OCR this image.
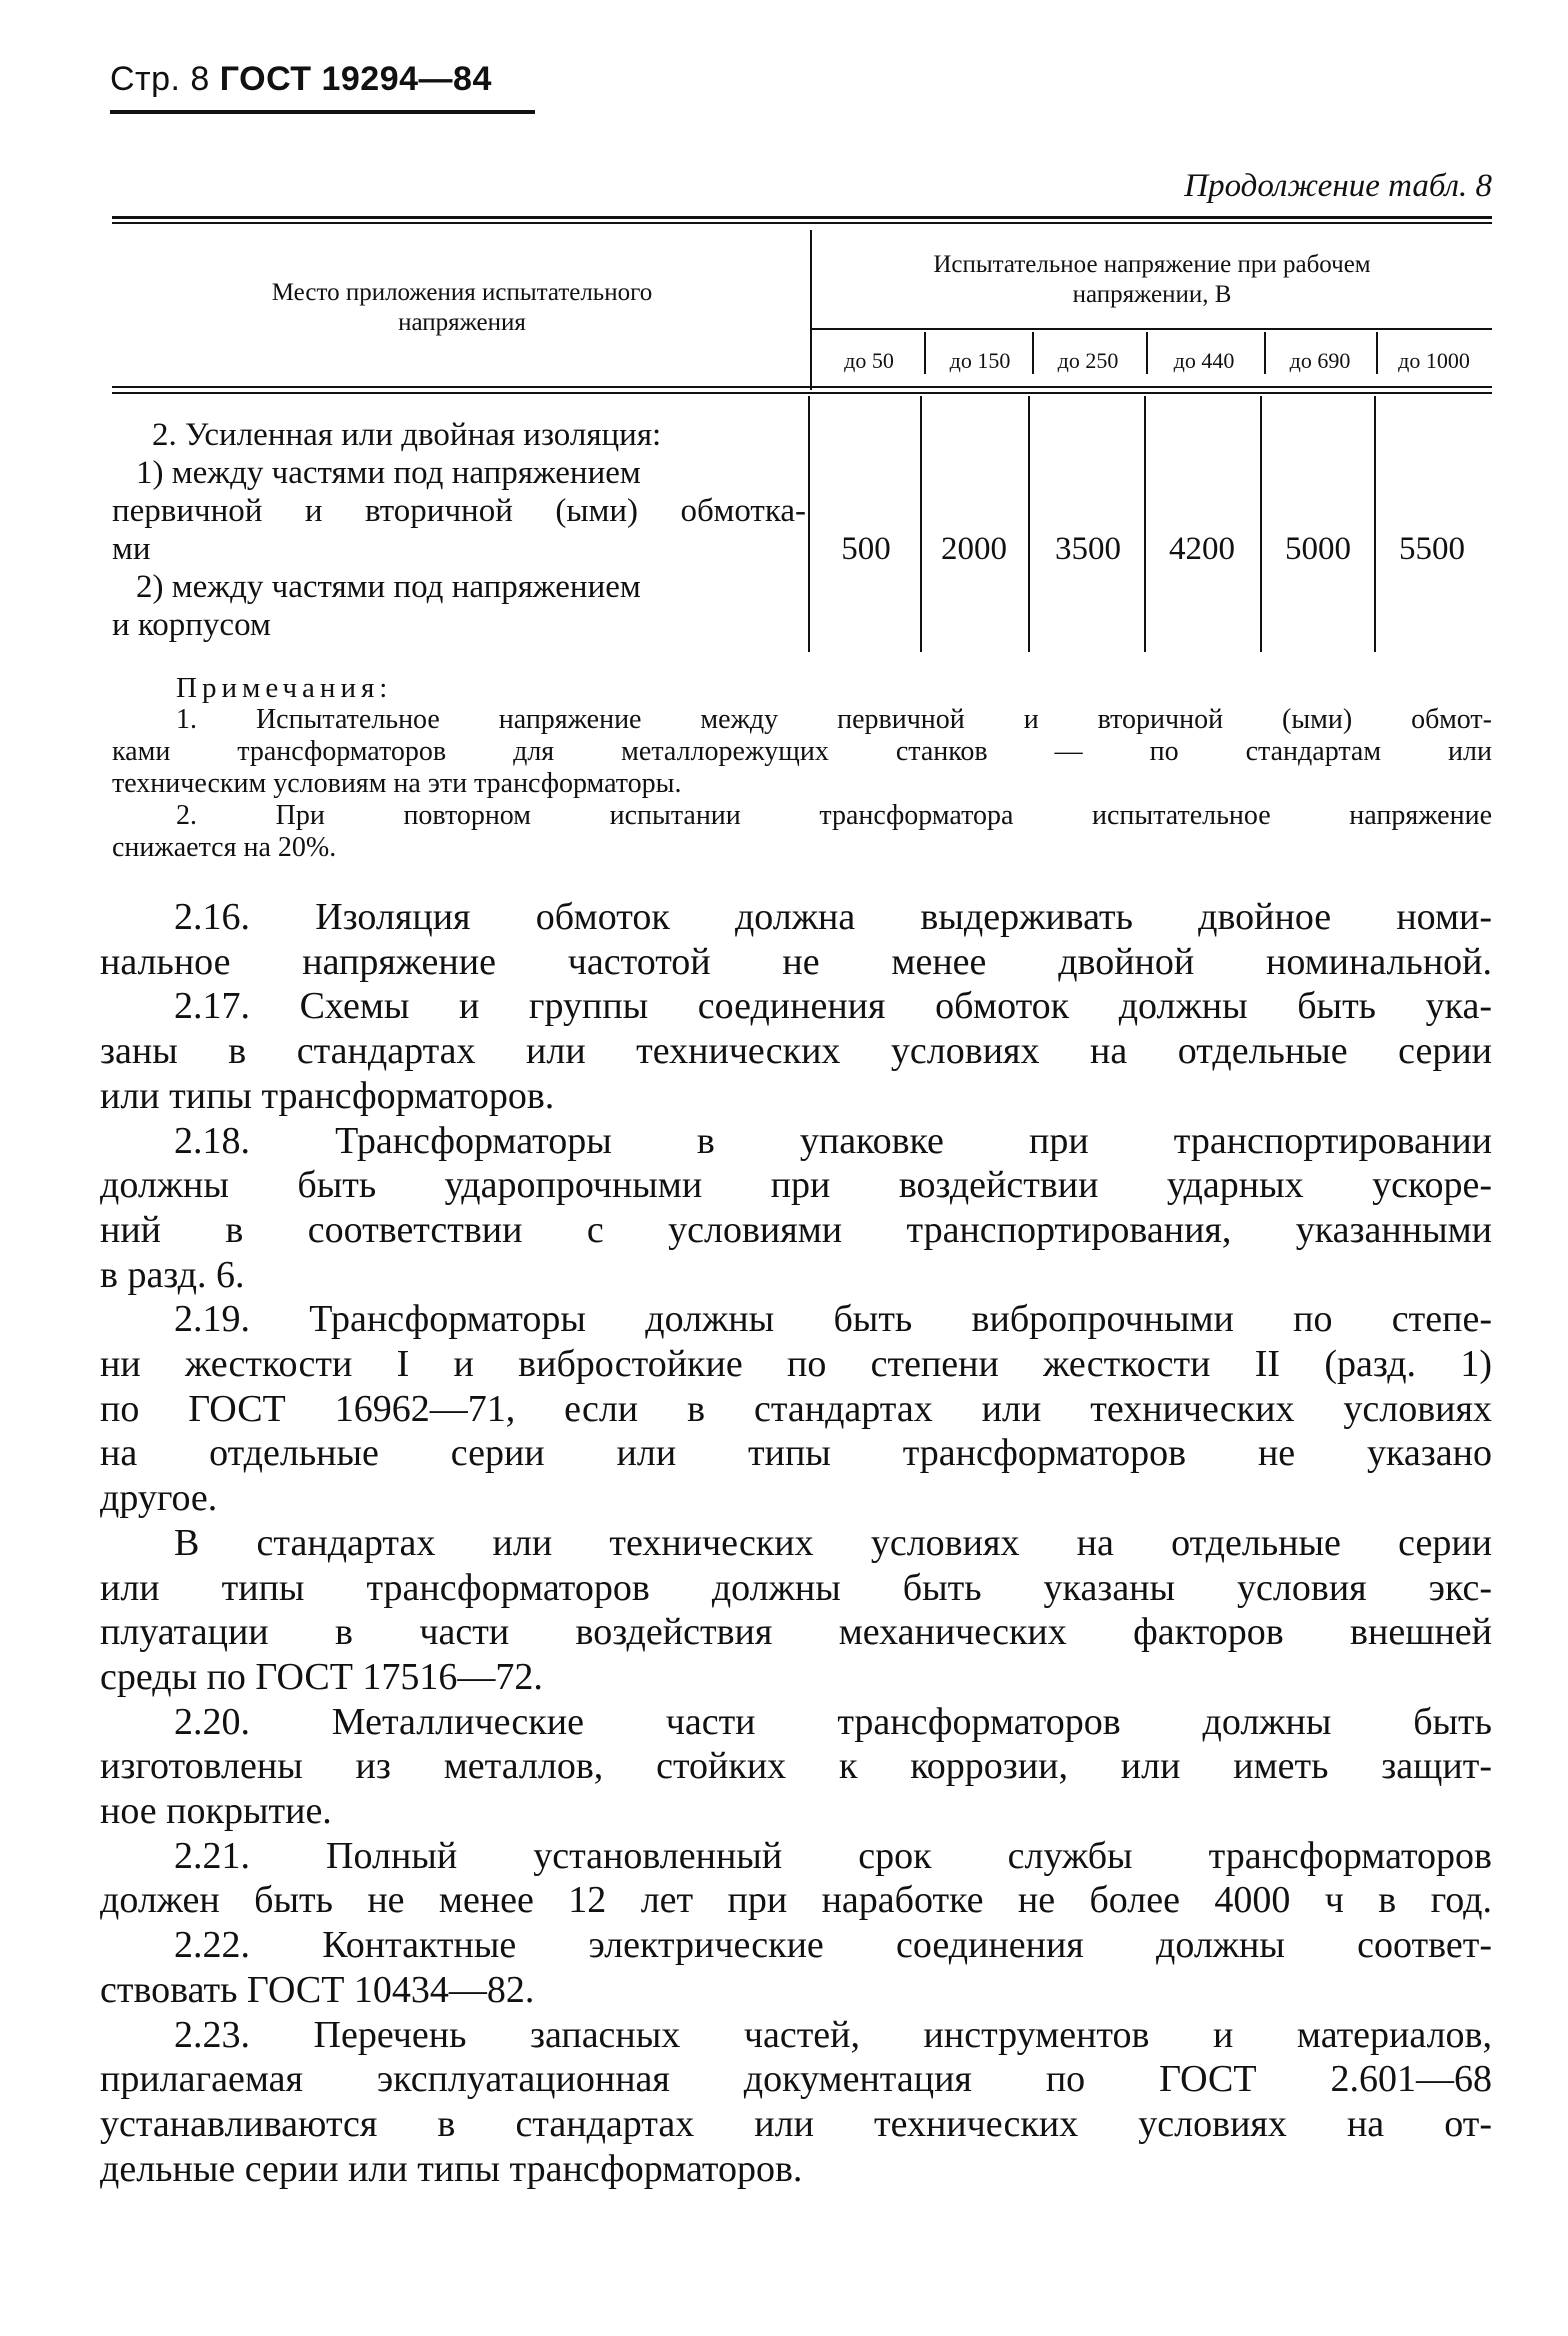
Стр. 8 ГОСТ 19294—84
Продолжение табл. 8
Место приложения испытательного
напряжения
Испытательное напряжение при рабочем
напряжении, В
до 50	до 150	до 250	до 440	до 690	до 1000
2. Усиленная или двойная изоляция:
1) между частями под напряжением
первичной и вторичной (ыми) обмотка-
ми
2) между частями под напряжением
и корпусом
500	2000	3500	4200	5000	5500
Примечания:
1. Испытательное напряжение между первичной и вторичной (ыми) обмот-
ками трансформаторов для металлорежущих станков — по стандартам или
техническим условиям на эти трансформаторы.
2. При повторном испытании трансформатора испытательное напряжение
снижается на 20%.
2.16. Изоляция обмоток должна выдерживать двойное номи-
нальное напряжение частотой не менее двойной номинальной.
2.17. Схемы и группы соединения обмоток должны быть ука-
заны в стандартах или технических условиях на отдельные серии
или типы трансформаторов.
2.18. Трансформаторы в упаковке при транспортировании
должны быть ударопрочными при воздействии ударных ускоре-
ний в соответствии с условиями транспортирования, указанными
в разд. 6.
2.19. Трансформаторы должны быть вибропрочными по степе-
ни жесткости I и вибростойкие по степени жесткости II (разд. 1)
по ГОСТ 16962—71, если в стандартах или технических условиях
на отдельные серии или типы трансформаторов не указано
другое.
В стандартах или технических условиях на отдельные серии
или типы трансформаторов должны быть указаны условия экс-
плуатации в части воздействия механических факторов внешней
среды по ГОСТ 17516—72.
2.20. Металлические части трансформаторов должны быть
изготовлены из металлов, стойких к коррозии, или иметь защит-
ное покрытие.
2.21. Полный установленный срок службы трансформаторов
должен быть не менее 12 лет при наработке не более 4000 ч в год.
2.22. Контактные электрические соединения должны соответ-
ствовать ГОСТ 10434—82.
2.23. Перечень запасных частей, инструментов и материалов,
прилагаемая эксплуатационная документация по ГОСТ 2.601—68
устанавливаются в стандартах или технических условиях на от-
дельные серии или типы трансформаторов.
